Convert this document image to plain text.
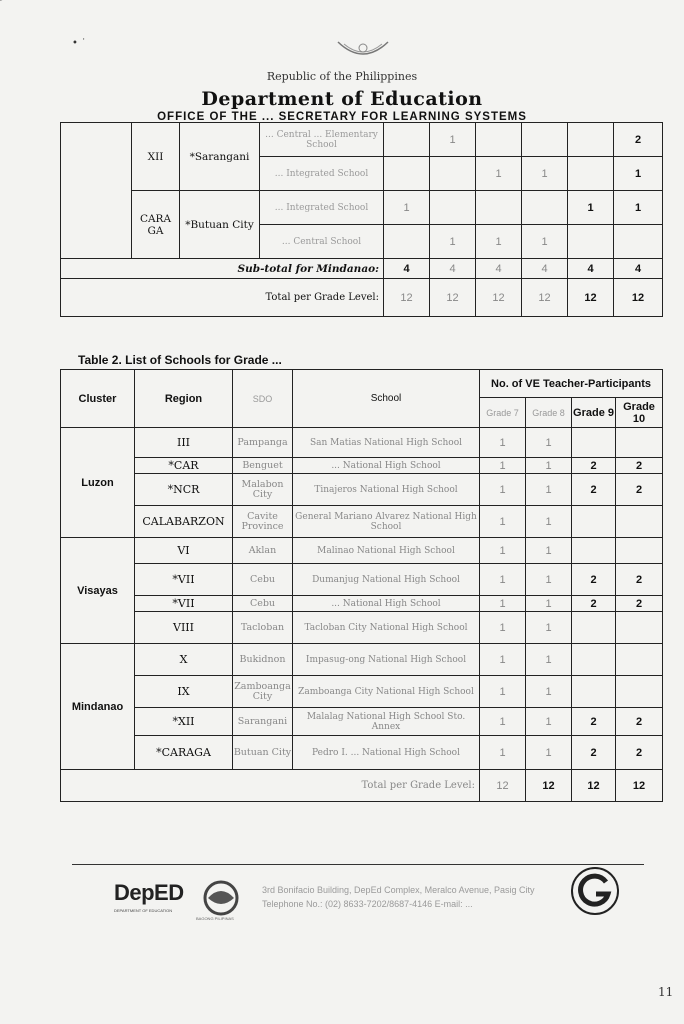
• ˙
Republic of the Philippines
Department of Education
OFFICE OF THE ... SECRETARY FOR LEARNING SYSTEMS
	XII	*Sarangani	... Central ... Elementary School		1				2
			... Integrated School			1	1		1
	CARA GA	*Butuan City	... Integrated School	1				1	1
			... Central School		1	1	1		
Sub-total for Mindanao:				4	4	4	4	4	4
Total per Grade Level:				12	12	12	12	12	12
Table 2. List of Schools for Grade ...
Cluster	Region	SDO	School	No. of VE Teacher-Participants			
				Grade 7	Grade 8	Grade 9	Grade 10
Luzon	III	Pampanga	San Matias National High School	1	1		
	*CAR	Benguet	... National High School	1	1	2	2
	*NCR	Malabon City	Tinajeros National High School	1	1	2	2
	CALABARZON	Cavite Province	General Mariano Alvarez National High School	1	1		
Visayas	VI	Aklan	Malinao National High School	1	1		
	*VII	Cebu	Dumanjug National High School	1	1	2	2
	*VII	Cebu	... National High School	1	1	2	2
	VIII	Tacloban	Tacloban City National High School	1	1		
Mindanao	X	Bukidnon	Impasug-ong National High School	1	1		
	IX	Zamboanga City	Zamboanga City National High School	1	1		
	*XII	Sarangani	Malalag National High School Sto. Annex	1	1	2	2
	*CARAGA	Butuan City	Pedro I. ... National High School	1	1	2	2
Total per Grade Level:				12	12	12	12
DepED
DEPARTMENT OF EDUCATION
BAGONG PILIPINAS
3rd Bonifacio Building, DepEd Complex, Meralco Avenue, Pasig City
Telephone No.: (02) 8633-7202/8687-4146 E-mail: ...
11
